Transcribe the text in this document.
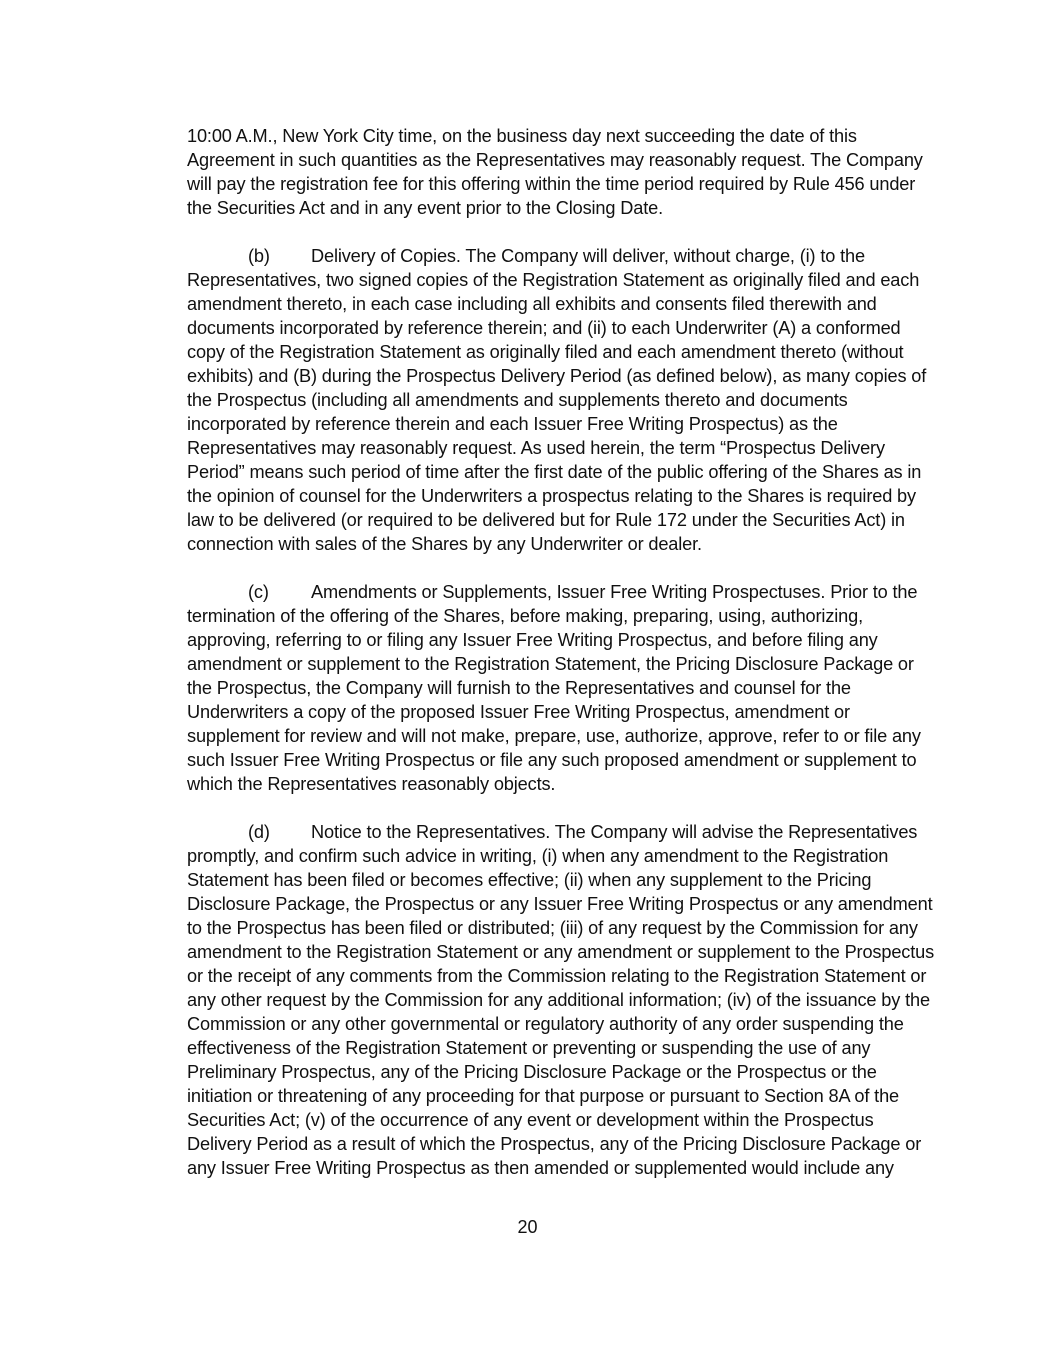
10:00 A.M., New York City time, on the business day next succeeding the date of this Agreement in such quantities as the Representatives may reasonably request. The Company will pay the registration fee for this offering within the time period required by Rule 456 under the Securities Act and in any event prior to the Closing Date.

(b) Delivery of Copies. The Company will deliver, without charge, (i) to the Representatives, two signed copies of the Registration Statement as originally filed and each amendment thereto, in each case including all exhibits and consents filed therewith and documents incorporated by reference therein; and (ii) to each Underwriter (A) a conformed copy of the Registration Statement as originally filed and each amendment thereto (without exhibits) and (B) during the Prospectus Delivery Period (as defined below), as many copies of the Prospectus (including all amendments and supplements thereto and documents incorporated by reference therein and each Issuer Free Writing Prospectus) as the Representatives may reasonably request. As used herein, the term “Prospectus Delivery Period” means such period of time after the first date of the public offering of the Shares as in the opinion of counsel for the Underwriters a prospectus relating to the Shares is required by law to be delivered (or required to be delivered but for Rule 172 under the Securities Act) in connection with sales of the Shares by any Underwriter or dealer.

(c) Amendments or Supplements, Issuer Free Writing Prospectuses. Prior to the termination of the offering of the Shares, before making, preparing, using, authorizing, approving, referring to or filing any Issuer Free Writing Prospectus, and before filing any amendment or supplement to the Registration Statement, the Pricing Disclosure Package or the Prospectus, the Company will furnish to the Representatives and counsel for the Underwriters a copy of the proposed Issuer Free Writing Prospectus, amendment or supplement for review and will not make, prepare, use, authorize, approve, refer to or file any such Issuer Free Writing Prospectus or file any such proposed amendment or supplement to which the Representatives reasonably objects.

(d) Notice to the Representatives. The Company will advise the Representatives promptly, and confirm such advice in writing, (i) when any amendment to the Registration Statement has been filed or becomes effective; (ii) when any supplement to the Pricing Disclosure Package, the Prospectus or any Issuer Free Writing Prospectus or any amendment to the Prospectus has been filed or distributed; (iii) of any request by the Commission for any amendment to the Registration Statement or any amendment or supplement to the Prospectus or the receipt of any comments from the Commission relating to the Registration Statement or any other request by the Commission for any additional information; (iv) of the issuance by the Commission or any other governmental or regulatory authority of any order suspending the effectiveness of the Registration Statement or preventing or suspending the use of any Preliminary Prospectus, any of the Pricing Disclosure Package or the Prospectus or the initiation or threatening of any proceeding for that purpose or pursuant to Section 8A of the Securities Act; (v) of the occurrence of any event or development within the Prospectus Delivery Period as a result of which the Prospectus, any of the Pricing Disclosure Package or any Issuer Free Writing Prospectus as then amended or supplemented would include any

20
